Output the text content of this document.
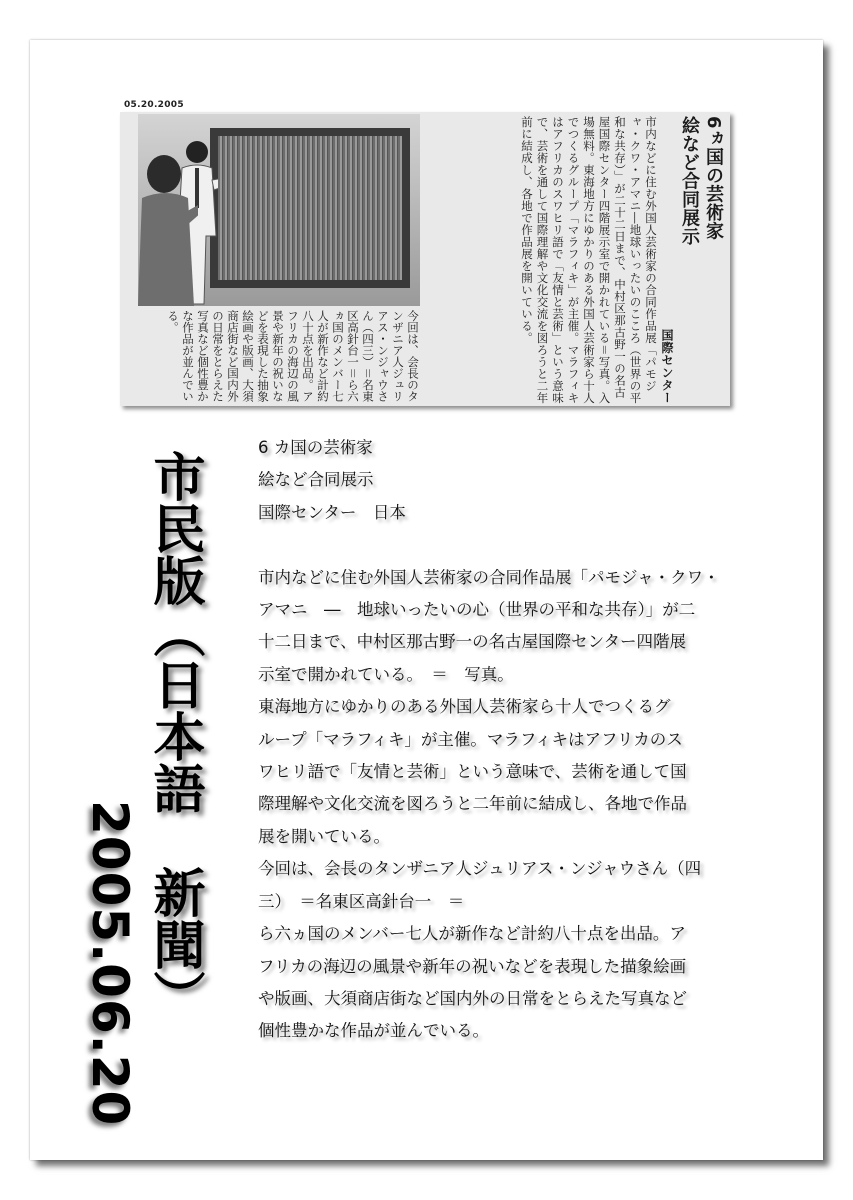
05.20.2005
6ヵ国の芸術家
絵など合同展示
国際センター
市内などに住む外国人芸術家の合同作品展「パモジャ・クワ・アマニ―地球いったいのこころ（世界の平和な共存）」が二十二日まで、中村区那古野一の名古屋国際センター四階展示室で開かれている＝写真。入場無料。東海地方にゆかりのある外国人芸術家ら十人でつくるグループ「マラフィキ」が主催。マラフィキはアフリカのスワヒリ語で「友情と芸術」という意味で、芸術を通して国際理解や文化交流を図ろうと二年前に結成し、各地で作品展を開いている。
今回は、会長のタンザニア人ジュリアス・ンジャウさん（四三）＝名東区高針台一＝ら六ヵ国のメンバー七人が新作など計約八十点を出品。アフリカの海辺の風景や新年の祝いなどを表現した抽象絵画や版画、大須商店街など国内外の日常をとらえた写真など個性豊かな作品が並んでいる。
市民版（日本語　新聞）
2005.06.20
6 カ国の芸術家
絵など合同展示
国際センター　日本
市内などに住む外国人芸術家の合同作品展「パモジャ・クワ・
アマニ　―　地球いったいの心（世界の平和な共存）」が二
十二日まで、中村区那古野一の名古屋国際センター四階展
示室で開かれている。　＝　写真。
東海地方にゆかりのある外国人芸術家ら十人でつくるグ
ループ「マラフィキ」が主催。マラフィキはアフリカのス
ワヒリ語で「友情と芸術」という意味で、芸術を通して国
際理解や文化交流を図ろうと二年前に結成し、各地で作品
展を開いている。
今回は、会長のタンザニア人ジュリアス・ンジャウさん（四
三）　＝名東区高針台一　＝
ら六ヵ国のメンバー七人が新作など計約八十点を出品。ア
フリカの海辺の風景や新年の祝いなどを表現した描象絵画
や版画、大須商店街など国内外の日常をとらえた写真など
個性豊かな作品が並んでいる。
